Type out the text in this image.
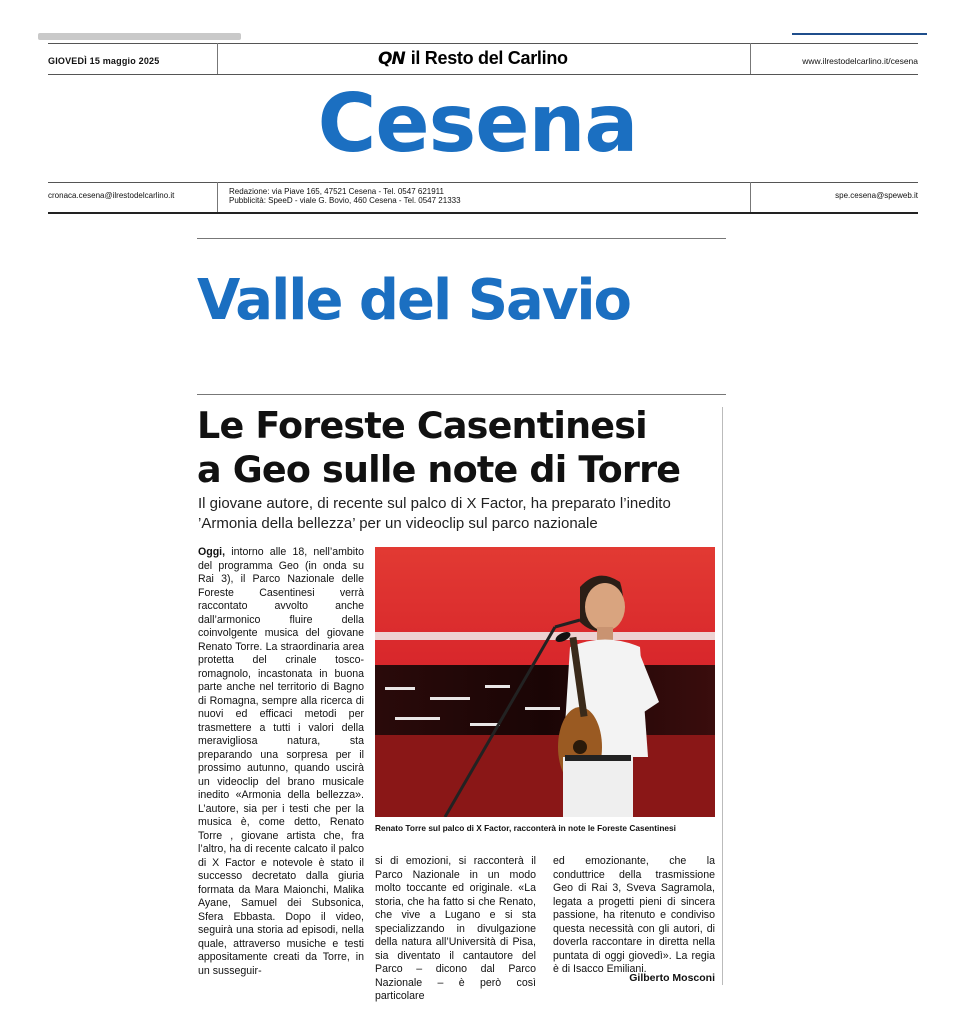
GIOVEDÌ 15 maggio 2025	QN il Resto del Carlino	www.ilrestodelcarlino.it/cesena
Cesena
cronaca.cesena@ilrestodelcarlino.it	Redazione: via Piave 165, 47521 Cesena - Tel. 0547 621911
Pubblicità: SpeeD - viale G. Bovio, 460 Cesena - Tel. 0547 21333
spe.cesena@speweb.it
Valle del Savio
Le Foreste Casentinesi
a Geo sulle note di Torre
Il giovane autore, di recente sul palco di X Factor, ha preparato l’inedito
’Armonia della bellezza’ per un videoclip sul parco nazionale
Oggi, intorno alle 18, nell’ambito del programma Geo (in onda su Rai 3), il Parco Nazionale delle Foreste Casentinesi verrà raccontato avvolto anche dall’armonico fluire della coinvolgente musica del giovane Renato Torre. La straordinaria area protetta del crinale tosco-romagnolo, incastonata in buona parte anche nel territorio di Bagno di Romagna, sempre alla ricerca di nuovi ed efficaci metodi per trasmettere a tutti i valori della meravigliosa natura, sta preparando una sorpresa per il prossimo autunno, quando uscirà un videoclip del brano musicale inedito «Armonia della bellezza». L’autore, sia per i testi che per la musica è, come detto, Renato Torre , giovane artista che, fra l’altro, ha di recente calcato il palco di X Factor e notevole è stato il successo decretato dalla giuria formata da Mara Maionchi, Malika Ayane, Samuel dei Subsonica, Sfera Ebbasta. Dopo il video, seguirà una storia ad episodi, nella quale, attraverso musiche e testi appositamente creati da Torre, in un susseguir-
Renato Torre sul palco di X Factor, racconterà in note le Foreste Casentinesi
si di emozioni, si racconterà il Parco Nazionale in un modo molto toccante ed originale. «La storia, che ha fatto si che Renato, che vive a Lugano e si sta specializzando in divulgazione della natura all’Università di Pisa, sia diventato il cantautore del Parco – dicono dal Parco Nazionale – è però così particolare
ed emozionante, che la conduttrice della trasmissione Geo di Rai 3, Sveva Sagramola, legata a progetti pieni di sincera passione, ha ritenuto e condiviso questa necessità con gli autori, di doverla raccontare in diretta nella puntata di oggi giovedì». La regia è di Isacco Emiliani.
Gilberto Mosconi
